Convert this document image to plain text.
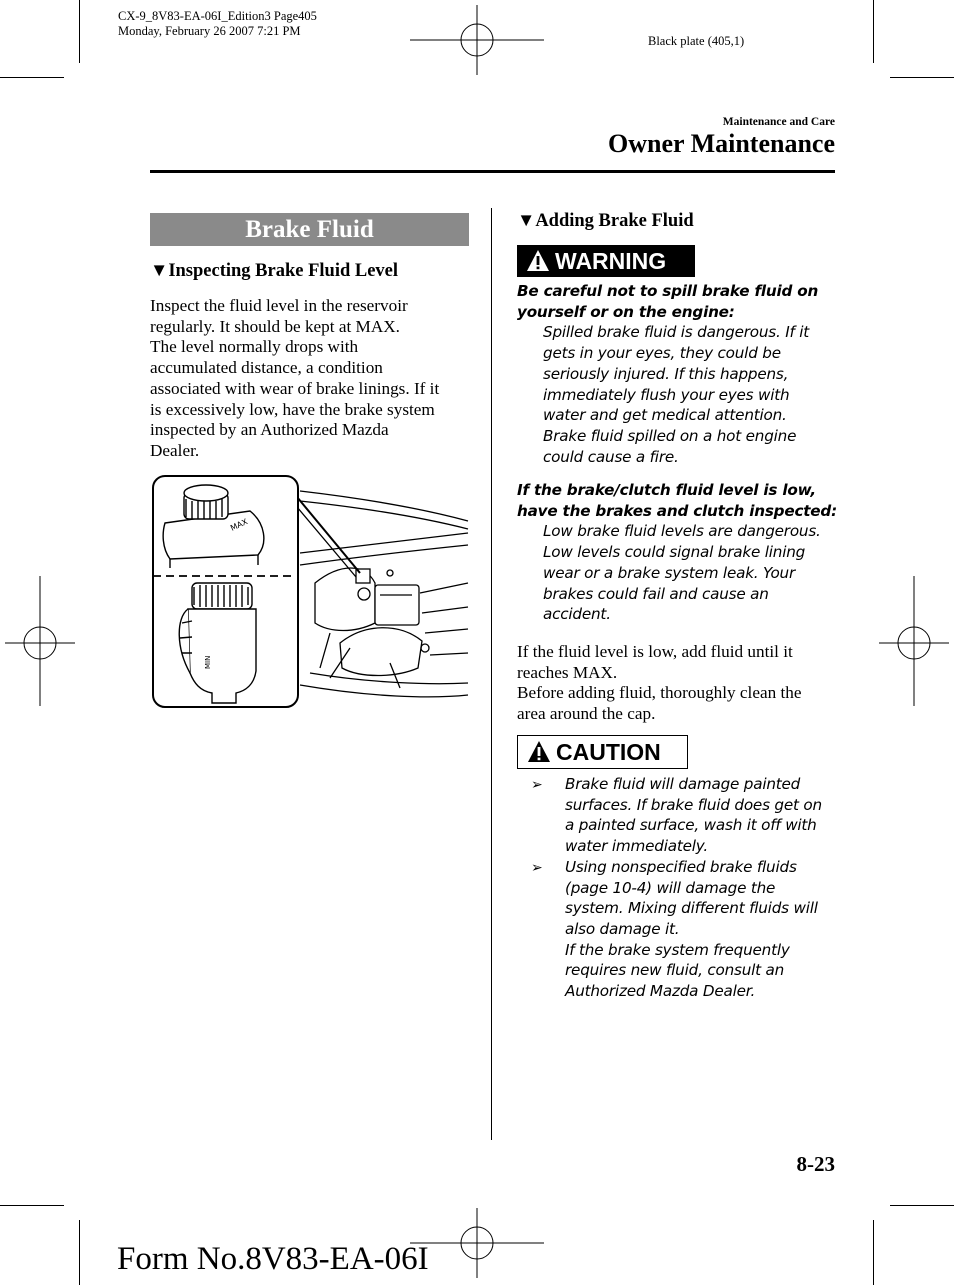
CX-9_8V83-EA-06I_Edition3 Page405
Monday, February 26 2007 7:21 PM
Black plate (405,1)
Maintenance and Care
Owner Maintenance
Brake Fluid
▼Inspecting Brake Fluid Level
Inspect the fluid level in the reservoir
regularly. It should be kept at MAX.
The level normally drops with
accumulated distance, a condition
associated with wear of brake linings. If it
is excessively low, have the brake system
inspected by an Authorized Mazda
Dealer.
MAX
MIN
▼Adding Brake Fluid
WARNING
Be careful not to spill brake fluid on
yourself or on the engine:
Spilled brake fluid is dangerous. If it
gets in your eyes, they could be
seriously injured. If this happens,
immediately flush your eyes with
water and get medical attention.
Brake fluid spilled on a hot engine
could cause a fire.
If the brake/clutch fluid level is low,
have the brakes and clutch inspected:
Low brake fluid levels are dangerous.
Low levels could signal brake lining
wear or a brake system leak. Your
brakes could fail and cause an
accident.
If the fluid level is low, add fluid until it
reaches MAX.
Before adding fluid, thoroughly clean the
area around the cap.
CAUTION
➢ Brake fluid will damage painted
surfaces. If brake fluid does get on
a painted surface, wash it off with
water immediately.
➢ Using nonspecified brake fluids
(page 10-4) will damage the
system. Mixing different fluids will
also damage it.
If the brake system frequently
requires new fluid, consult an
Authorized Mazda Dealer.
8-23
Form No.8V83-EA-06I
